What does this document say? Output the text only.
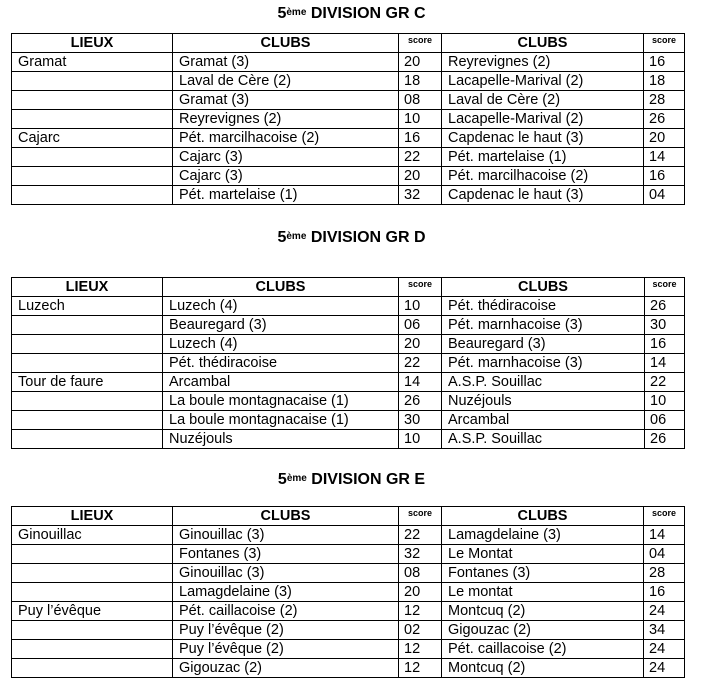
5ème DIVISION GR C
LIEUX	CLUBS	score	CLUBS	score
Gramat	Gramat (3)	20	Reyrevignes (2)	16
	Laval de Cère (2)	18	Lacapelle-Marival (2)	18
	Gramat (3)	08	Laval de Cère (2)	28
	Reyrevignes (2)	10	Lacapelle-Marival (2)	26
Cajarc	Pét. marcilhacoise (2)	16	Capdenac le haut (3)	20
	Cajarc (3)	22	Pét. martelaise (1)	14
	Cajarc (3)	20	Pét. marcilhacoise (2)	16
	Pét. martelaise (1)	32	Capdenac le haut (3)	04
5ème DIVISION GR D
LIEUX	CLUBS	score	CLUBS	score
Luzech	Luzech (4)	10	Pét. thédiracoise	26
	Beauregard (3)	06	Pét. marnhacoise (3)	30
	Luzech (4)	20	Beauregard (3)	16
	Pét. thédiracoise	22	Pét. marnhacoise (3)	14
Tour de faure	Arcambal	14	A.S.P. Souillac	22
	La boule montagnacaise (1)	26	Nuzéjouls	10
	La boule montagnacaise (1)	30	Arcambal	06
	Nuzéjouls	10	A.S.P. Souillac	26
5ème DIVISION GR E
LIEUX	CLUBS	score	CLUBS	score
Ginouillac	Ginouillac (3)	22	Lamagdelaine (3)	14
	Fontanes (3)	32	Le Montat	04
	Ginouillac (3)	08	Fontanes (3)	28
	Lamagdelaine (3)	20	Le montat	16
Puy l’évêque	Pét. caillacoise (2)	12	Montcuq (2)	24
	Puy l’évêque (2)	02	Gigouzac (2)	34
	Puy l’évêque (2)	12	Pét. caillacoise (2)	24
	Gigouzac (2)	12	Montcuq (2)	24
